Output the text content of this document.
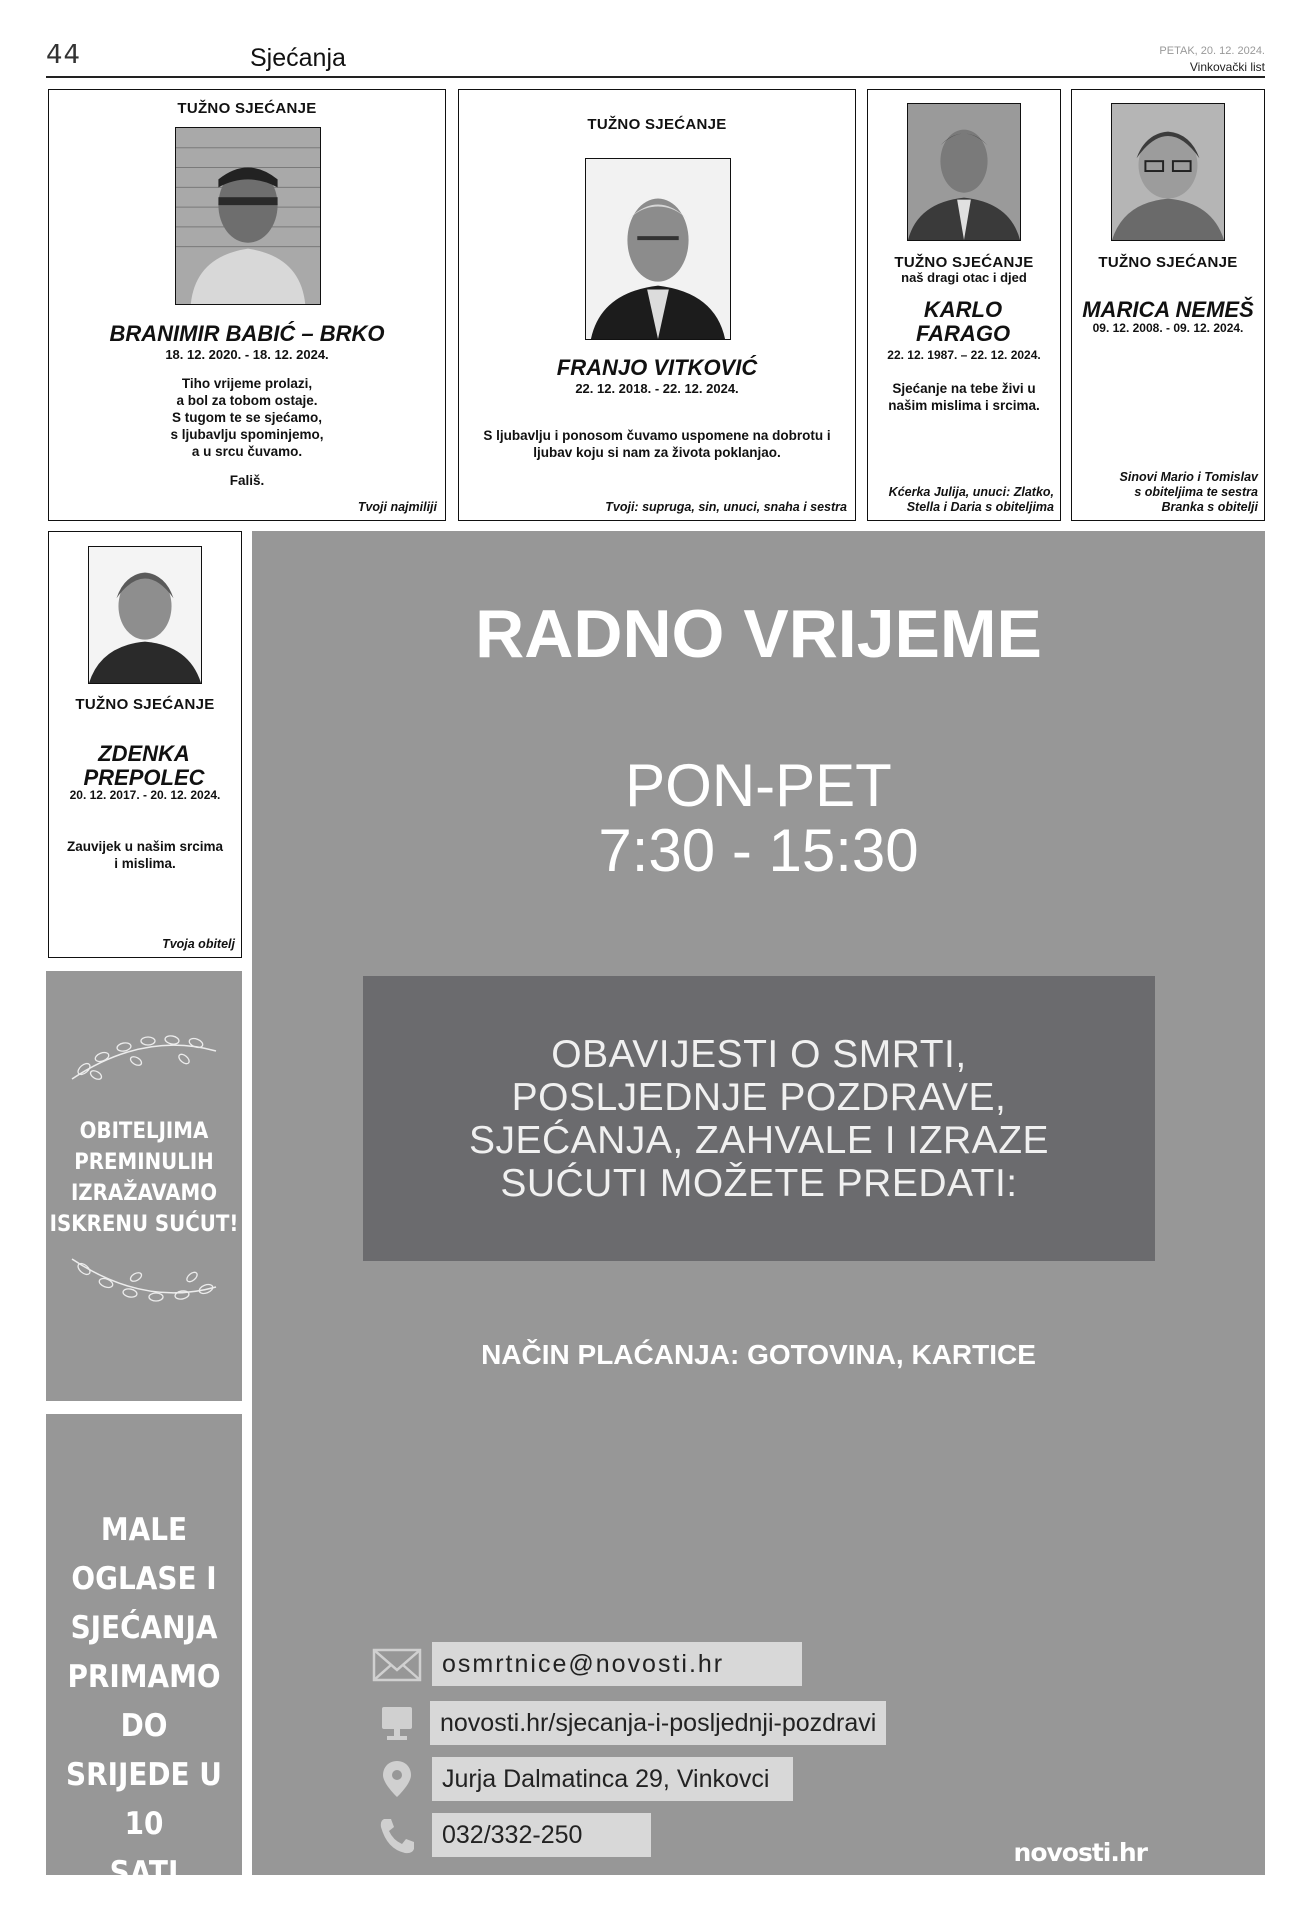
44	Sjećanja	PETAK, 20. 12. 2024.
Vinkovački list
TUŽNO SJEĆANJE
BRANIMIR BABIĆ – BRKO
18. 12. 2020. - 18. 12. 2024.
Tiho vrijeme prolazi,
a bol za tobom ostaje.
S tugom te se sjećamo,
s ljubavlju spominjemo,
a u srcu čuvamo.
Fališ.
Tvoji najmiliji
TUŽNO SJEĆANJE
FRANJO VITKOVIĆ
22. 12. 2018. - 22. 12. 2024.
S ljubavlju i ponosom čuvamo uspomene na dobrotu i
ljubav koju si nam za života poklanjao.
Tvoji: supruga, sin, unuci, snaha i sestra
TUŽNO SJEĆANJE
naš dragi otac i djed
KARLO FARAGO
22. 12. 1987. – 22. 12. 2024.
Sjećanje na tebe živi u
našim mislima i srcima.
Kćerka Julija, unuci: Zlatko,
Stella i Daria s obiteljima
TUŽNO SJEĆANJE
MARICA NEMEŠ
09. 12. 2008. - 09. 12. 2024.
Sinovi Mario i Tomislav
s obiteljima te sestra
Branka s obitelji
TUŽNO SJEĆANJE
ZDENKA PREPOLEC
20. 12. 2017. - 20. 12. 2024.
Zauvijek u našim srcima
i mislima.
Tvoja obitelj
OBITELJIMA
PREMINULIH
IZRAŽAVAMO
ISKRENU SUĆUT!
MALE
OGLASE I
SJEĆANJA
PRIMAMO DO
SRIJEDE U 10
SATI
RADNO VRIJEME
PON-PET
7:30 - 15:30
OBAVIJESTI O SMRTI,
POSLJEDNJE POZDRAVE,
SJEĆANJA, ZAHVALE I IZRAZE
SUĆUTI MOŽETE PREDATI:
NAČIN PLAĆANJA: GOTOVINA, KARTICE
osmrtnice@novosti.hr
novosti.hr/sjecanja-i-posljednji-pozdravi
Jurja Dalmatinca 29, Vinkovci
032/332-250
novosti.hr
